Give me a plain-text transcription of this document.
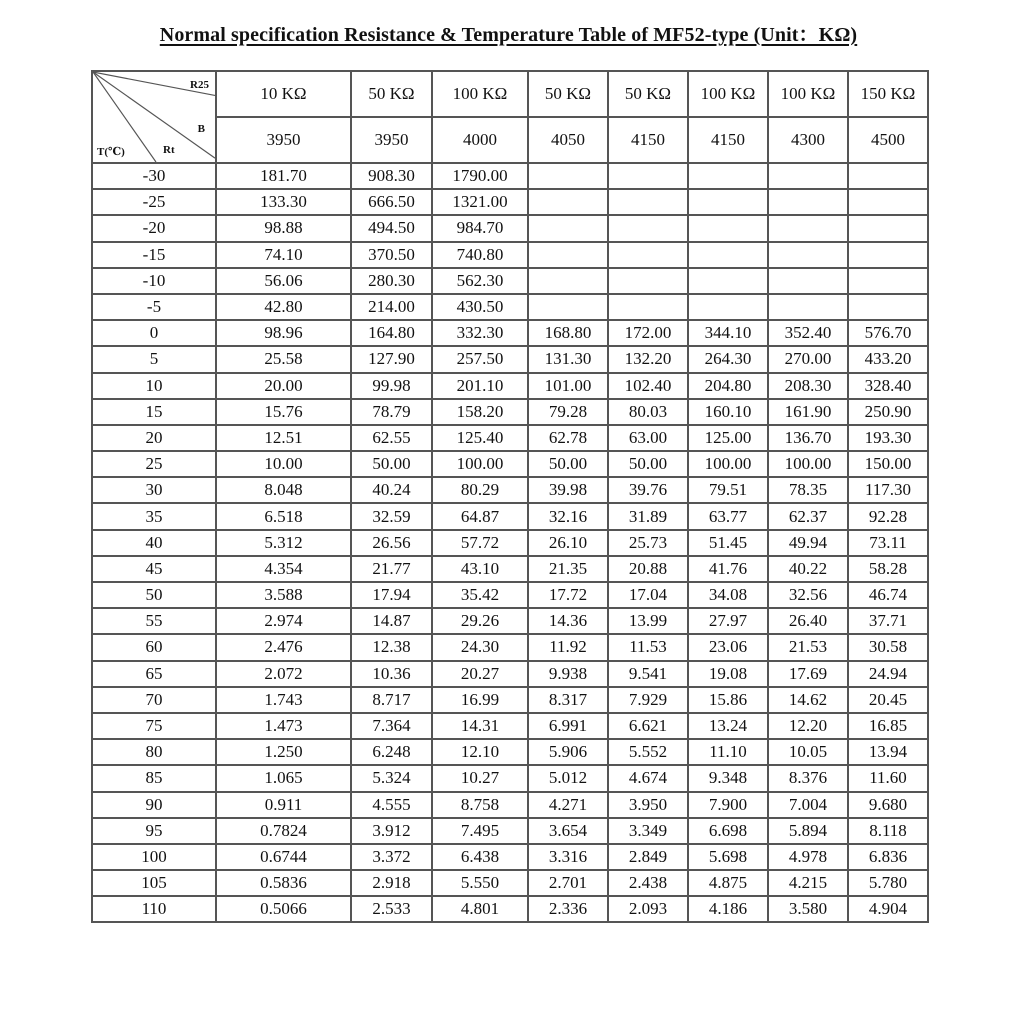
Normal specification Resistance & Temperature Table of MF52-type (Unit：KΩ)
R25
B
Rt
T(℃)	10 KΩ	50 KΩ	100 KΩ	50 KΩ	50 KΩ	100 KΩ	100 KΩ	150 KΩ
	3950	3950	4000	4050	4150	4150	4300	4500
-30	181.70	908.30	1790.00					
-25	133.30	666.50	1321.00					
-20	98.88	494.50	984.70					
-15	74.10	370.50	740.80					
-10	56.06	280.30	562.30					
-5	42.80	214.00	430.50					
0	98.96	164.80	332.30	168.80	172.00	344.10	352.40	576.70
5	25.58	127.90	257.50	131.30	132.20	264.30	270.00	433.20
10	20.00	99.98	201.10	101.00	102.40	204.80	208.30	328.40
15	15.76	78.79	158.20	79.28	80.03	160.10	161.90	250.90
20	12.51	62.55	125.40	62.78	63.00	125.00	136.70	193.30
25	10.00	50.00	100.00	50.00	50.00	100.00	100.00	150.00
30	8.048	40.24	80.29	39.98	39.76	79.51	78.35	117.30
35	6.518	32.59	64.87	32.16	31.89	63.77	62.37	92.28
40	5.312	26.56	57.72	26.10	25.73	51.45	49.94	73.11
45	4.354	21.77	43.10	21.35	20.88	41.76	40.22	58.28
50	3.588	17.94	35.42	17.72	17.04	34.08	32.56	46.74
55	2.974	14.87	29.26	14.36	13.99	27.97	26.40	37.71
60	2.476	12.38	24.30	11.92	11.53	23.06	21.53	30.58
65	2.072	10.36	20.27	9.938	9.541	19.08	17.69	24.94
70	1.743	8.717	16.99	8.317	7.929	15.86	14.62	20.45
75	1.473	7.364	14.31	6.991	6.621	13.24	12.20	16.85
80	1.250	6.248	12.10	5.906	5.552	11.10	10.05	13.94
85	1.065	5.324	10.27	5.012	4.674	9.348	8.376	11.60
90	0.911	4.555	8.758	4.271	3.950	7.900	7.004	9.680
95	0.7824	3.912	7.495	3.654	3.349	6.698	5.894	8.118
100	0.6744	3.372	6.438	3.316	2.849	5.698	4.978	6.836
105	0.5836	2.918	5.550	2.701	2.438	4.875	4.215	5.780
110	0.5066	2.533	4.801	2.336	2.093	4.186	3.580	4.904
